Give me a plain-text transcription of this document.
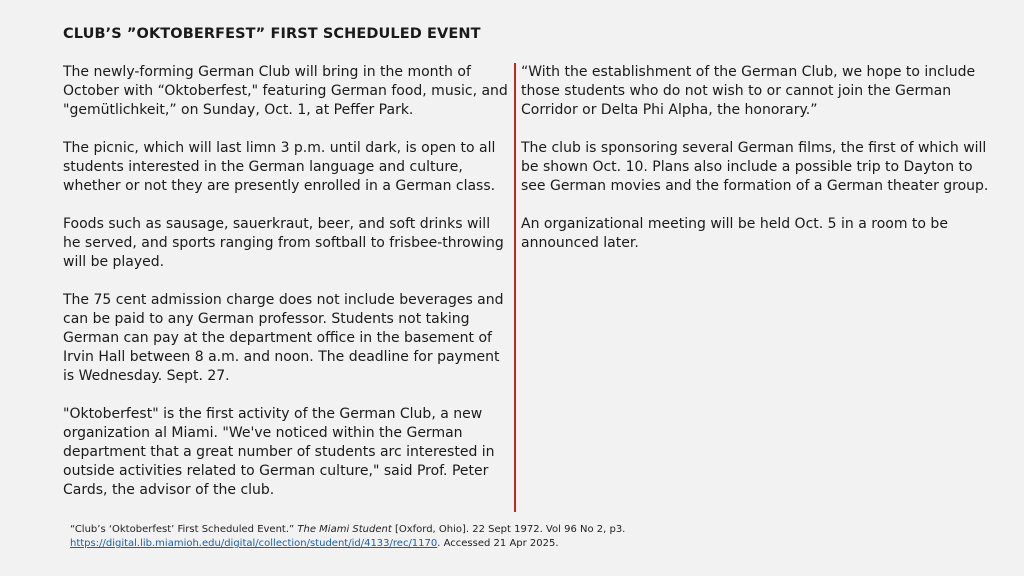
CLUB’S ”OKTOBERFEST” FIRST SCHEDULED EVENT

The newly-forming German Club will bring in the month of October with “Oktoberfest," featuring German food, music, and "gemütlichkeit,” on Sunday, Oct. 1, at Peffer Park.

The picnic, which will last limn 3 p.m. until dark, is open to all students interested in the German language and culture, whether or not they are presently enrolled in a German class.

Foods such as sausage, sauerkraut, beer, and soft drinks will he served, and sports ranging from softball to frisbee-throwing will be played.

The 75 cent admission charge does not include beverages and can be paid to any German professor. Students not taking German can pay at the department office in the basement of Irvin Hall between 8 a.m. and noon. The deadline for payment is Wednesday. Sept. 27.

"Oktoberfest" is the first activity of the German Club, a new organization al Miami. "We've noticed within the German department that a great number of students arc interested in outside activities related to German culture," said Prof. Peter Cards, the advisor of the club.

“With the establishment of the German Club, we hope to include those students who do not wish to or cannot join the German Corridor or Delta Phi Alpha, the honorary.”

The club is sponsoring several German films, the first of which will be shown Oct. 10. Plans also include a possible trip to Dayton to see German movies and the formation of a German theater group.

An organizational meeting will be held Oct. 5 in a room to be announced later.

“Club’s ‘Oktoberfest’ First Scheduled Event.” The Miami Student [Oxford, Ohio]. 22 Sept 1972. Vol 96 No 2, p3. https://digital.lib.miamioh.edu/digital/collection/student/id/4133/rec/1170. Accessed 21 Apr 2025.
